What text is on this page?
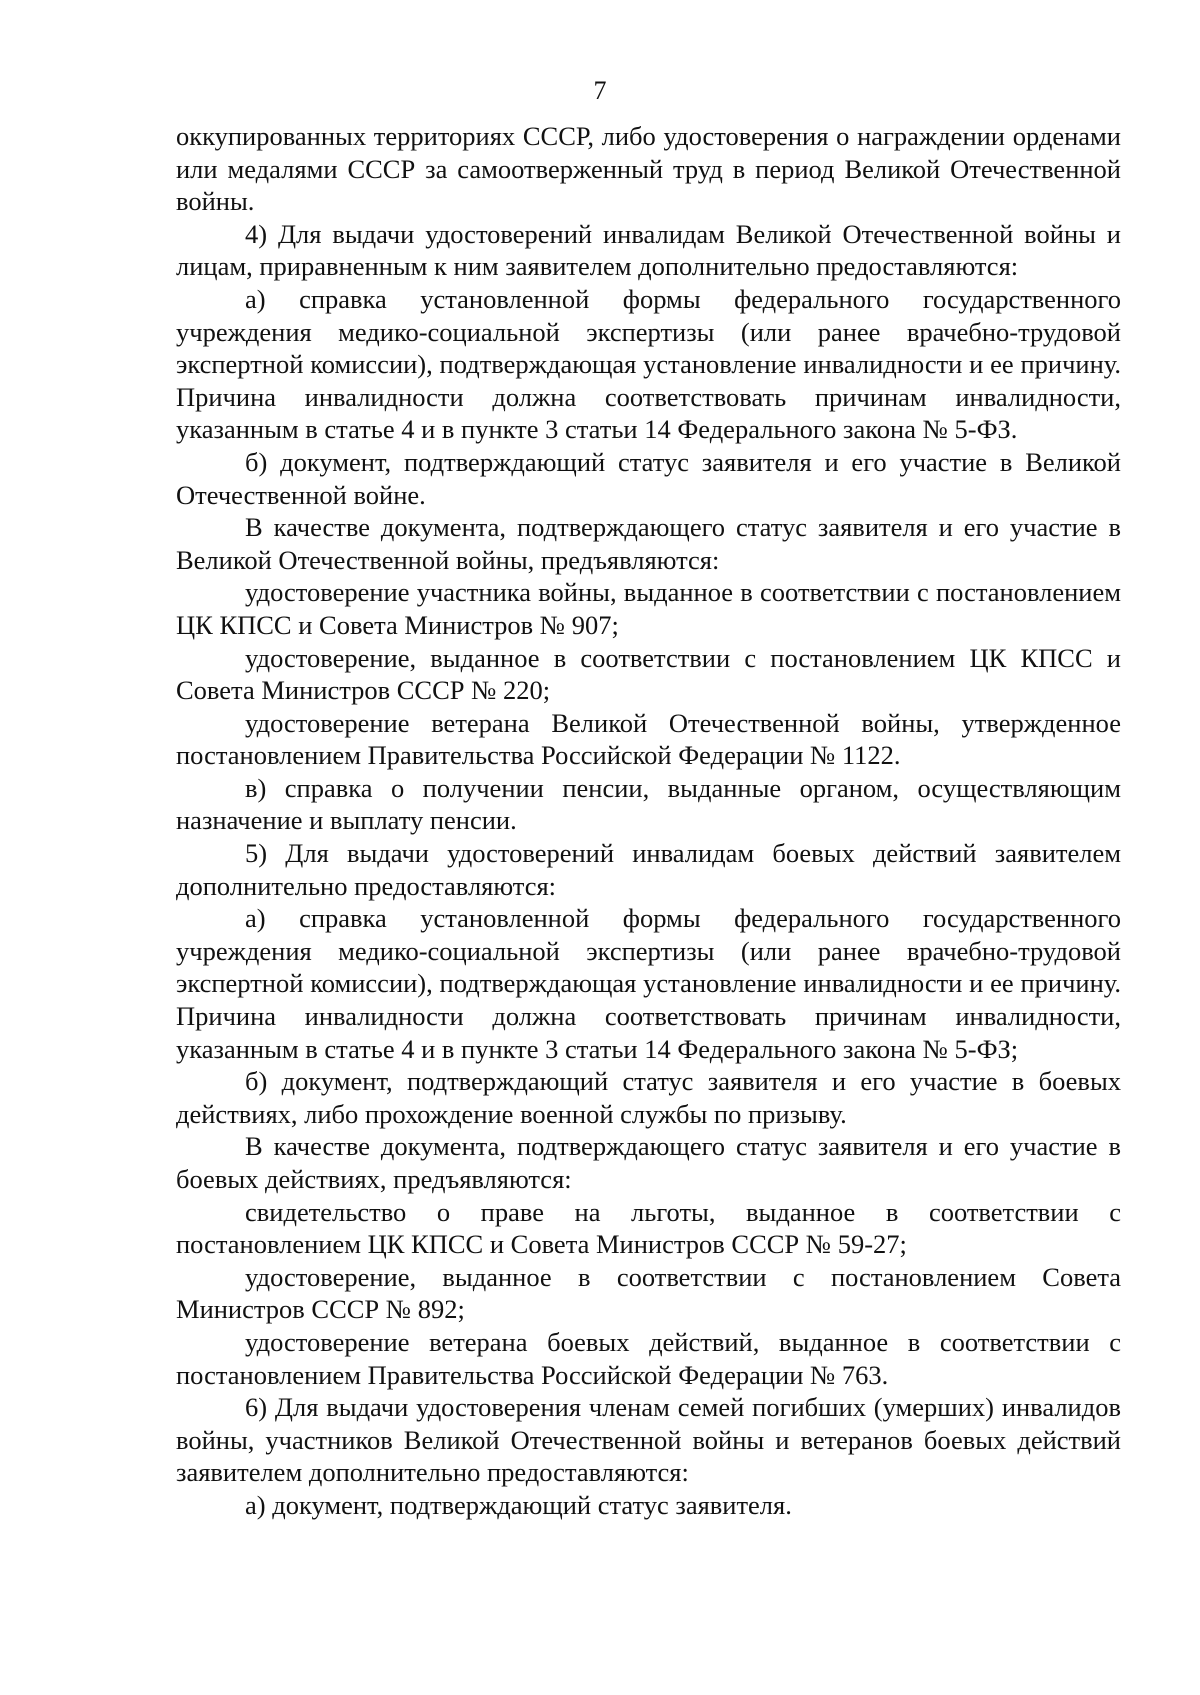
7

оккупированных территориях СССР, либо удостоверения о награждении орденами или медалями СССР за самоотверженный труд в период Великой Отечественной войны.

4) Для выдачи удостоверений инвалидам Великой Отечественной войны и лицам, приравненным к ним заявителем дополнительно предоставляются:

а) справка установленной формы федерального государственного учреждения медико-социальной экспертизы (или ранее врачебно-трудовой экспертной комиссии), подтверждающая установление инвалидности и ее причину. Причина инвалидности должна соответствовать причинам инвалидности, указанным в статье 4 и в пункте 3 статьи 14 Федерального закона № 5-ФЗ.

б) документ, подтверждающий статус заявителя и его участие в Великой Отечественной войне.

В качестве документа, подтверждающего статус заявителя и его участие в Великой Отечественной войны, предъявляются:

удостоверение участника войны, выданное в соответствии с постановлением ЦК КПСС и Совета Министров № 907;

удостоверение, выданное в соответствии с постановлением ЦК КПСС и Совета Министров СССР № 220;

удостоверение ветерана Великой Отечественной войны, утвержденное постановлением Правительства Российской Федерации № 1122.

в) справка о получении пенсии, выданные органом, осуществляющим назначение и выплату пенсии.

5) Для выдачи удостоверений инвалидам боевых действий заявителем дополнительно предоставляются:

а) справка установленной формы федерального государственного учреждения медико-социальной экспертизы (или ранее врачебно-трудовой экспертной комиссии), подтверждающая установление инвалидности и ее причину. Причина инвалидности должна соответствовать причинам инвалидности, указанным в статье 4 и в пункте 3 статьи 14 Федерального закона № 5-ФЗ;

б) документ, подтверждающий статус заявителя и его участие в боевых действиях, либо прохождение военной службы по призыву.

В качестве документа, подтверждающего статус заявителя и его участие в боевых действиях, предъявляются:

свидетельство о праве на льготы, выданное в соответствии с постановлением ЦК КПСС и Совета Министров СССР № 59-27;

удостоверение, выданное в соответствии с постановлением Совета Министров СССР № 892;

удостоверение ветерана боевых действий, выданное в соответствии с постановлением Правительства Российской Федерации № 763.

6) Для выдачи удостоверения членам семей погибших (умерших) инвалидов войны, участников Великой Отечественной войны и ветеранов боевых действий заявителем дополнительно предоставляются:

а) документ, подтверждающий статус заявителя.
